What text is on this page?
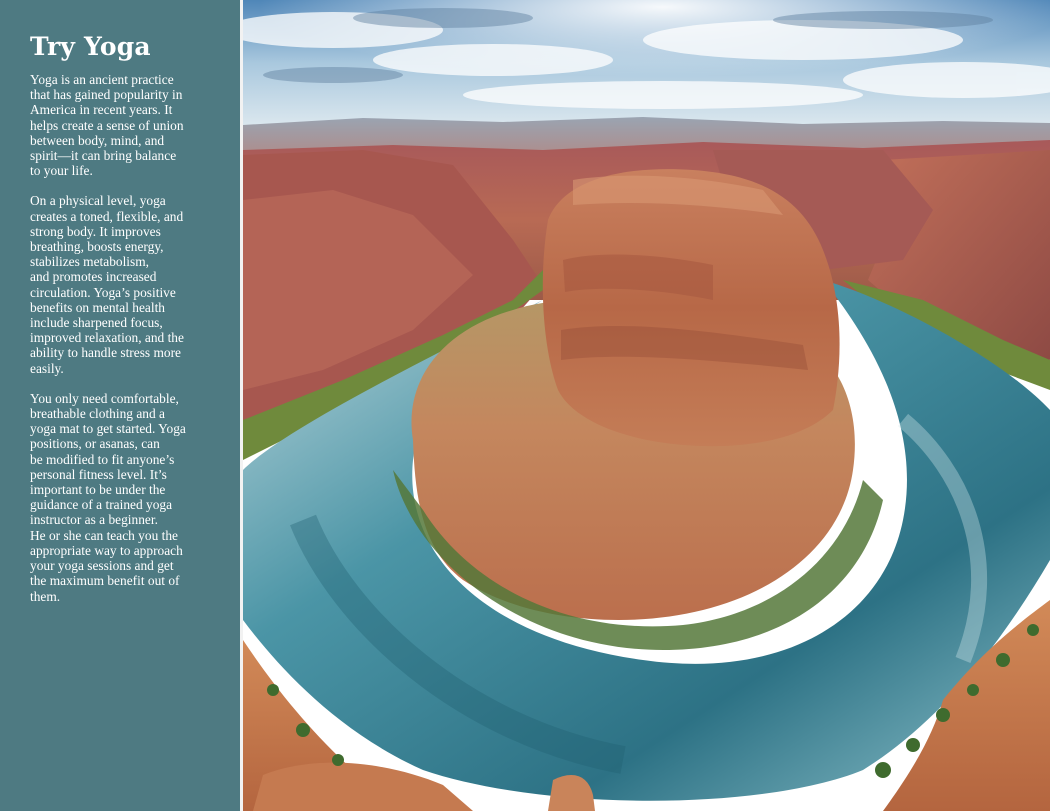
Try Yoga

Yoga is an ancient practice
that has gained popularity in
America in recent years. It
helps create a sense of union
between body, mind, and
spirit—it can bring balance
to your life.

On a physical level, yoga
creates a toned, flexible, and
strong body. It improves
breathing, boosts energy,
stabilizes metabolism,
and promotes increased
circulation. Yoga’s positive
benefits on mental health
include sharpened focus,
improved relaxation, and the
ability to handle stress more
easily.

You only need comfortable,
breathable clothing and a
yoga mat to get started. Yoga
positions, or asanas, can
be modified to fit anyone’s
personal fitness level. It’s
important to be under the
guidance of a trained yoga
instructor as a beginner.
He or she can teach you the
appropriate way to approach
your yoga sessions and get
the maximum benefit out of
them.
